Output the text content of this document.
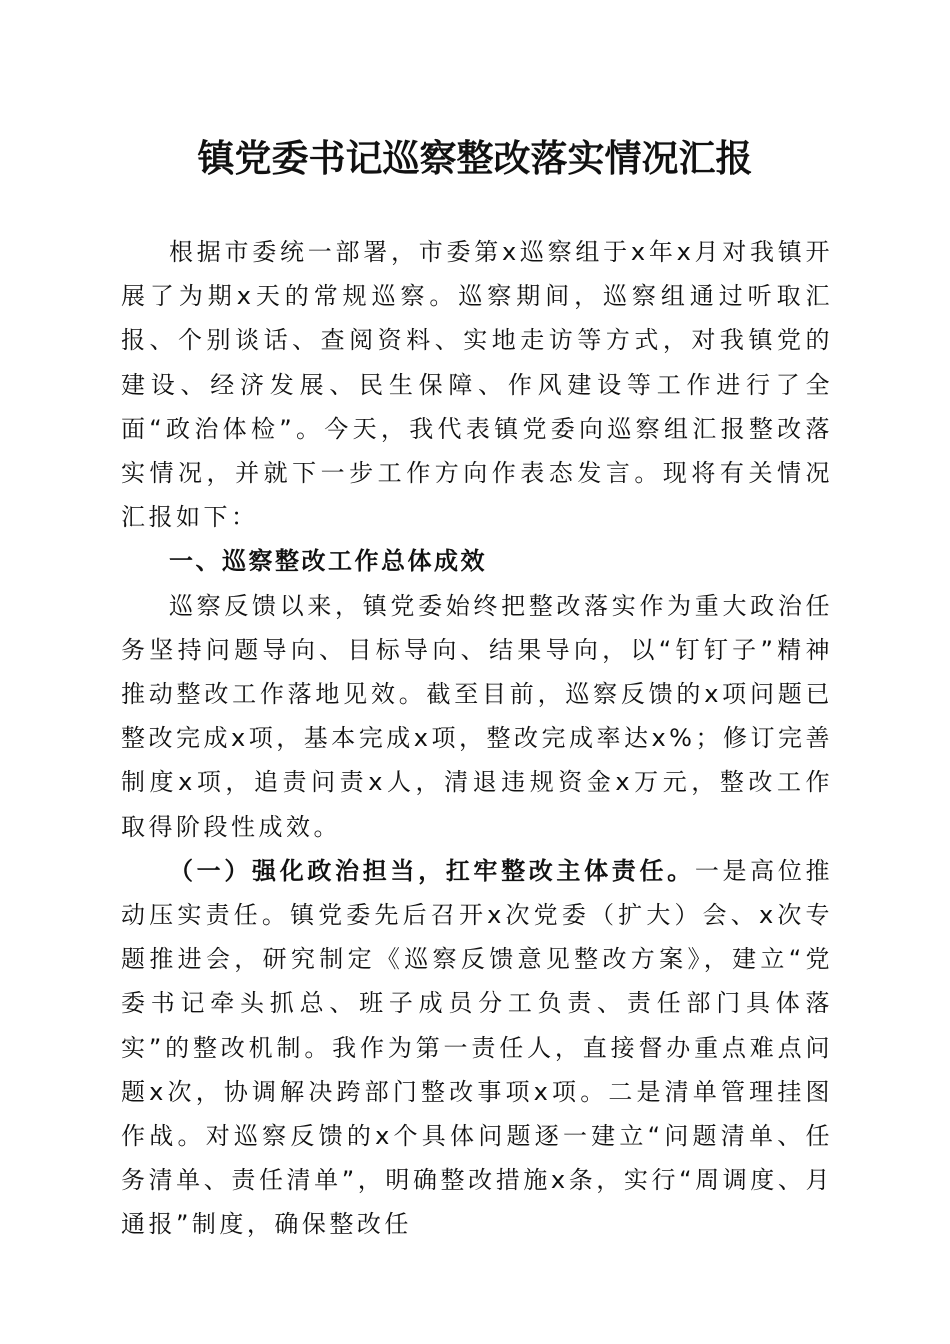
镇党委书记巡察整改落实情况汇报

根据市委统一部署，市委第x巡察组于x年x月对我镇开展了为期x天的常规巡察。巡察期间，巡察组通过听取汇报、个别谈话、查阅资料、实地走访等方式，对我镇党的建设、经济发展、民生保障、作风建设等工作进行了全面“政治体检”。今天，我代表镇党委向巡察组汇报整改落实情况，并就下一步工作方向作表态发言。现将有关情况汇报如下：

一、巡察整改工作总体成效

巡察反馈以来，镇党委始终把整改落实作为重大政治任务坚持问题导向、目标导向、结果导向，以“钉钉子”精神推动整改工作落地见效。截至目前，巡察反馈的x项问题已整改完成x项，基本完成x项，整改完成率达x%；修订完善制度x项，追责问责x人，清退违规资金x万元，整改工作取得阶段性成效。

（一）强化政治担当，扛牢整改主体责任。一是高位推动压实责任。镇党委先后召开x次党委（扩大）会、x次专题推进会，研究制定《巡察反馈意见整改方案》，建立“党委书记牵头抓总、班子成员分工负责、责任部门具体落实”的整改机制。我作为第一责任人，直接督办重点难点问题x次，协调解决跨部门整改事项x项。二是清单管理挂图作战。对巡察反馈的x个具体问题逐一建立“问题清单、任务清单、责任清单”，明确整改措施x条，实行“周调度、月通报”制度，确保整改任
